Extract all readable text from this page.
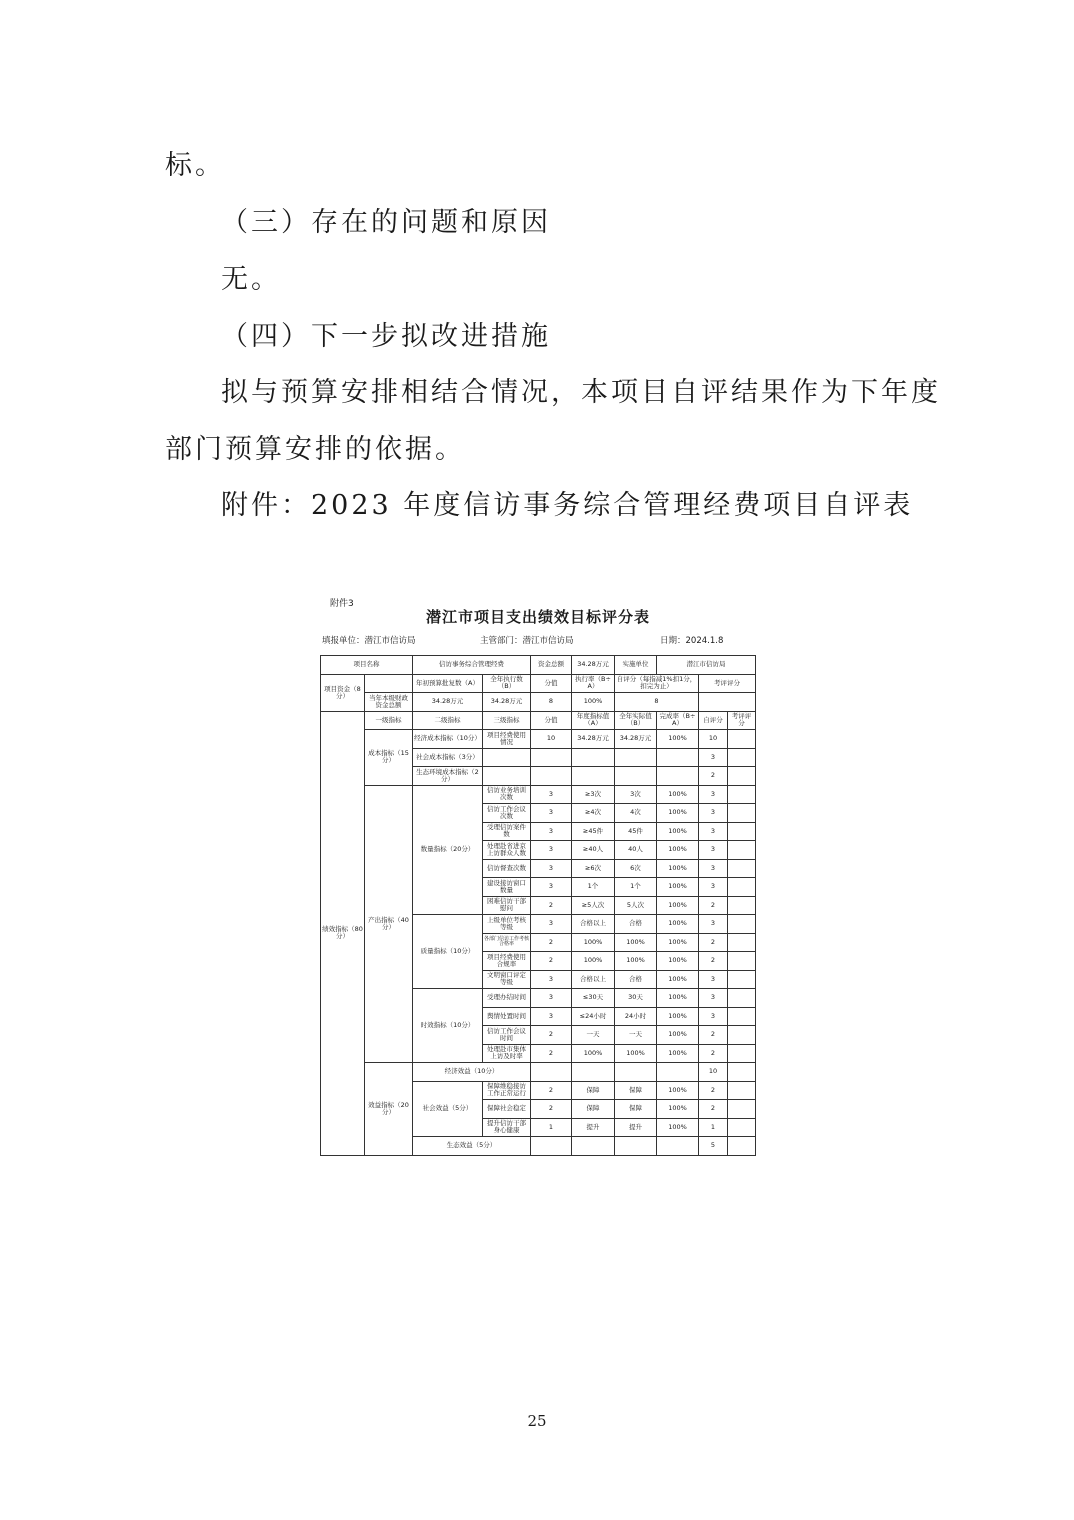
标。
（三）存在的问题和原因
无。
（四）下一步拟改进措施
拟与预算安排相结合情况，本项目自评结果作为下年度
部门预算安排的依据。
附件：2023 年度信访事务综合管理经费项目自评表
附件3
潜江市项目支出绩效目标评分表
填报单位：潜江市信访局	主管部门：潜江市信访局	日期：2024.1.8
项目名称		信访事务综合管理经费		资金总额	34.28万元	实施单位	潜江市信访局		
项目资金（8分）		年初预算批复数（A）	全年执行数（B）	分值	执行率（B÷A）	自评分（每指减1%扣1分，扣完为止）		考评评分	
	当年本级财政资金总额	34.28万元	34.28万元	8	100%	8			
绩效指标（80分）	一级指标	二级指标	三级指标	分值	年度指标值（A）	全年实际值（B）	完成率（B÷A）	自评分	考评评分
	成本指标（15分）	经济成本指标（10分）	项目经费使用情况	10	34.28万元	34.28万元	100%	10	
		社会成本指标（3分）						3	
		生态环境成本指标（2分）						2	
	产出指标（40分）	数量指标（20分）	信访业务培训次数	3	≥3次	3次	100%	3	
			信访工作会议次数	3	≥4次	4次	100%	3	
			受理信访案件数	3	≥45件	45件	100%	3	
			处理赴省进京上访群众人数	3	≥40人	40人	100%	3	
			信访督查次数	3	≥6次	6次	100%	3	
			建设接访窗口数量	3	1个	1个	100%	3	
			困难信访干部慰问	2	≥5人次	5人次	100%	2	
		质量指标（10分）	上级单位考核等级	3	合格以上	合格	100%	3	
			各部门信访工作考核合格率	2	100%	100%	100%	2	
			项目经费使用合规率	2	100%	100%	100%	2	
			文明窗口评定等级	3	合格以上	合格	100%	3	
		时效指标（10分）	受理办结时间	3	≤30天	30天	100%	3	
			舆情处置时间	3	≤24小时	24小时	100%	3	
			信访工作会议时间	2	一天	一天	100%	2	
			处理赴市集体上访及时率	2	100%	100%	100%	2	
	效益指标（20分）	经济效益（10分）						10	
		社会效益（5分）	保障维稳接访工作正常运行	2	保障	保障	100%	2	
			保障社会稳定	2	保障	保障	100%	2	
			提升信访干部身心健康	1	提升	提升	100%	1	
		生态效益（5分）						5	
25
